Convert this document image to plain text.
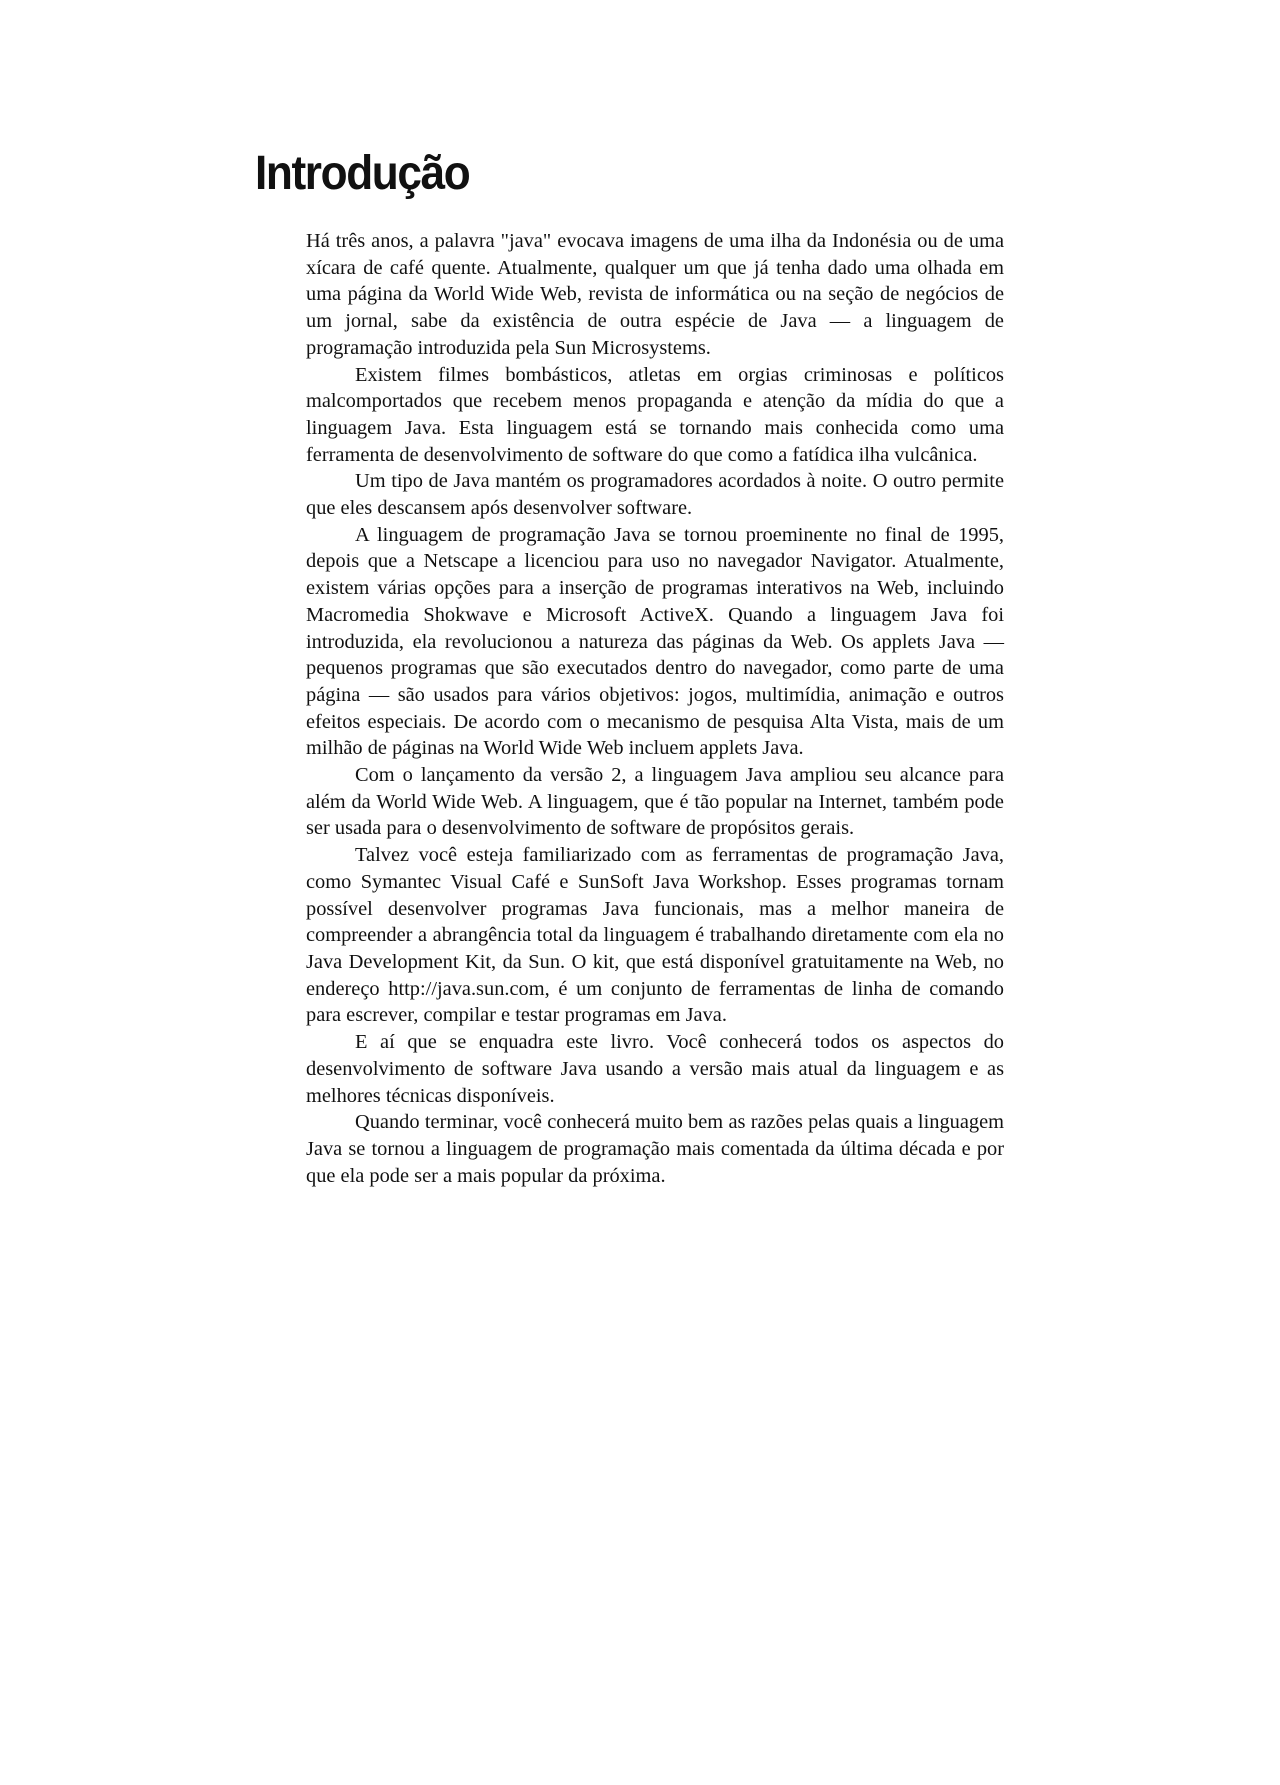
Introdução

Há três anos, a palavra "java" evocava imagens de uma ilha da Indonésia ou de uma xícara de café quente. Atualmente, qualquer um que já tenha dado uma olhada em uma página da World Wide Web, revista de informática ou na seção de negócios de um jornal, sabe da existência de outra espécie de Java — a linguagem de programação introduzida pela Sun Microsystems.

Existem filmes bombásticos, atletas em orgias criminosas e políticos malcomportados que recebem menos propaganda e atenção da mídia do que a linguagem Java. Esta linguagem está se tornando mais conhecida como uma ferramenta de desenvolvimento de software do que como a fatídica ilha vulcânica.

Um tipo de Java mantém os programadores acordados à noite. O outro permite que eles descansem após desenvolver software.

A linguagem de programação Java se tornou proeminente no final de 1995, depois que a Netscape a licenciou para uso no navegador Navigator. Atualmente, existem várias opções para a inserção de programas interativos na Web, incluindo Macromedia Shokwave e Microsoft ActiveX. Quando a linguagem Java foi introduzida, ela revolucionou a natureza das páginas da Web. Os applets Java — pequenos programas que são executados dentro do navegador, como parte de uma página — são usados para vários objetivos: jogos, multimídia, animação e outros efeitos especiais. De acordo com o mecanismo de pesquisa Alta Vista, mais de um milhão de páginas na World Wide Web incluem applets Java.

Com o lançamento da versão 2, a linguagem Java ampliou seu alcance para além da World Wide Web. A linguagem, que é tão popular na Internet, também pode ser usada para o desenvolvimento de software de propósitos gerais.

Talvez você esteja familiarizado com as ferramentas de programação Java, como Symantec Visual Café e SunSoft Java Workshop. Esses programas tornam possível desenvolver programas Java funcionais, mas a melhor maneira de compreender a abrangência total da linguagem é trabalhando diretamente com ela no Java Development Kit, da Sun. O kit, que está disponível gratuitamente na Web, no endereço http://java.sun.com, é um conjunto de ferramentas de linha de comando para escrever, compilar e testar programas em Java.

E aí que se enquadra este livro. Você conhecerá todos os aspectos do desenvolvimento de software Java usando a versão mais atual da linguagem e as melhores técnicas disponíveis.

Quando terminar, você conhecerá muito bem as razões pelas quais a linguagem Java se tornou a linguagem de programação mais comentada da última década e por que ela pode ser a mais popular da próxima.
